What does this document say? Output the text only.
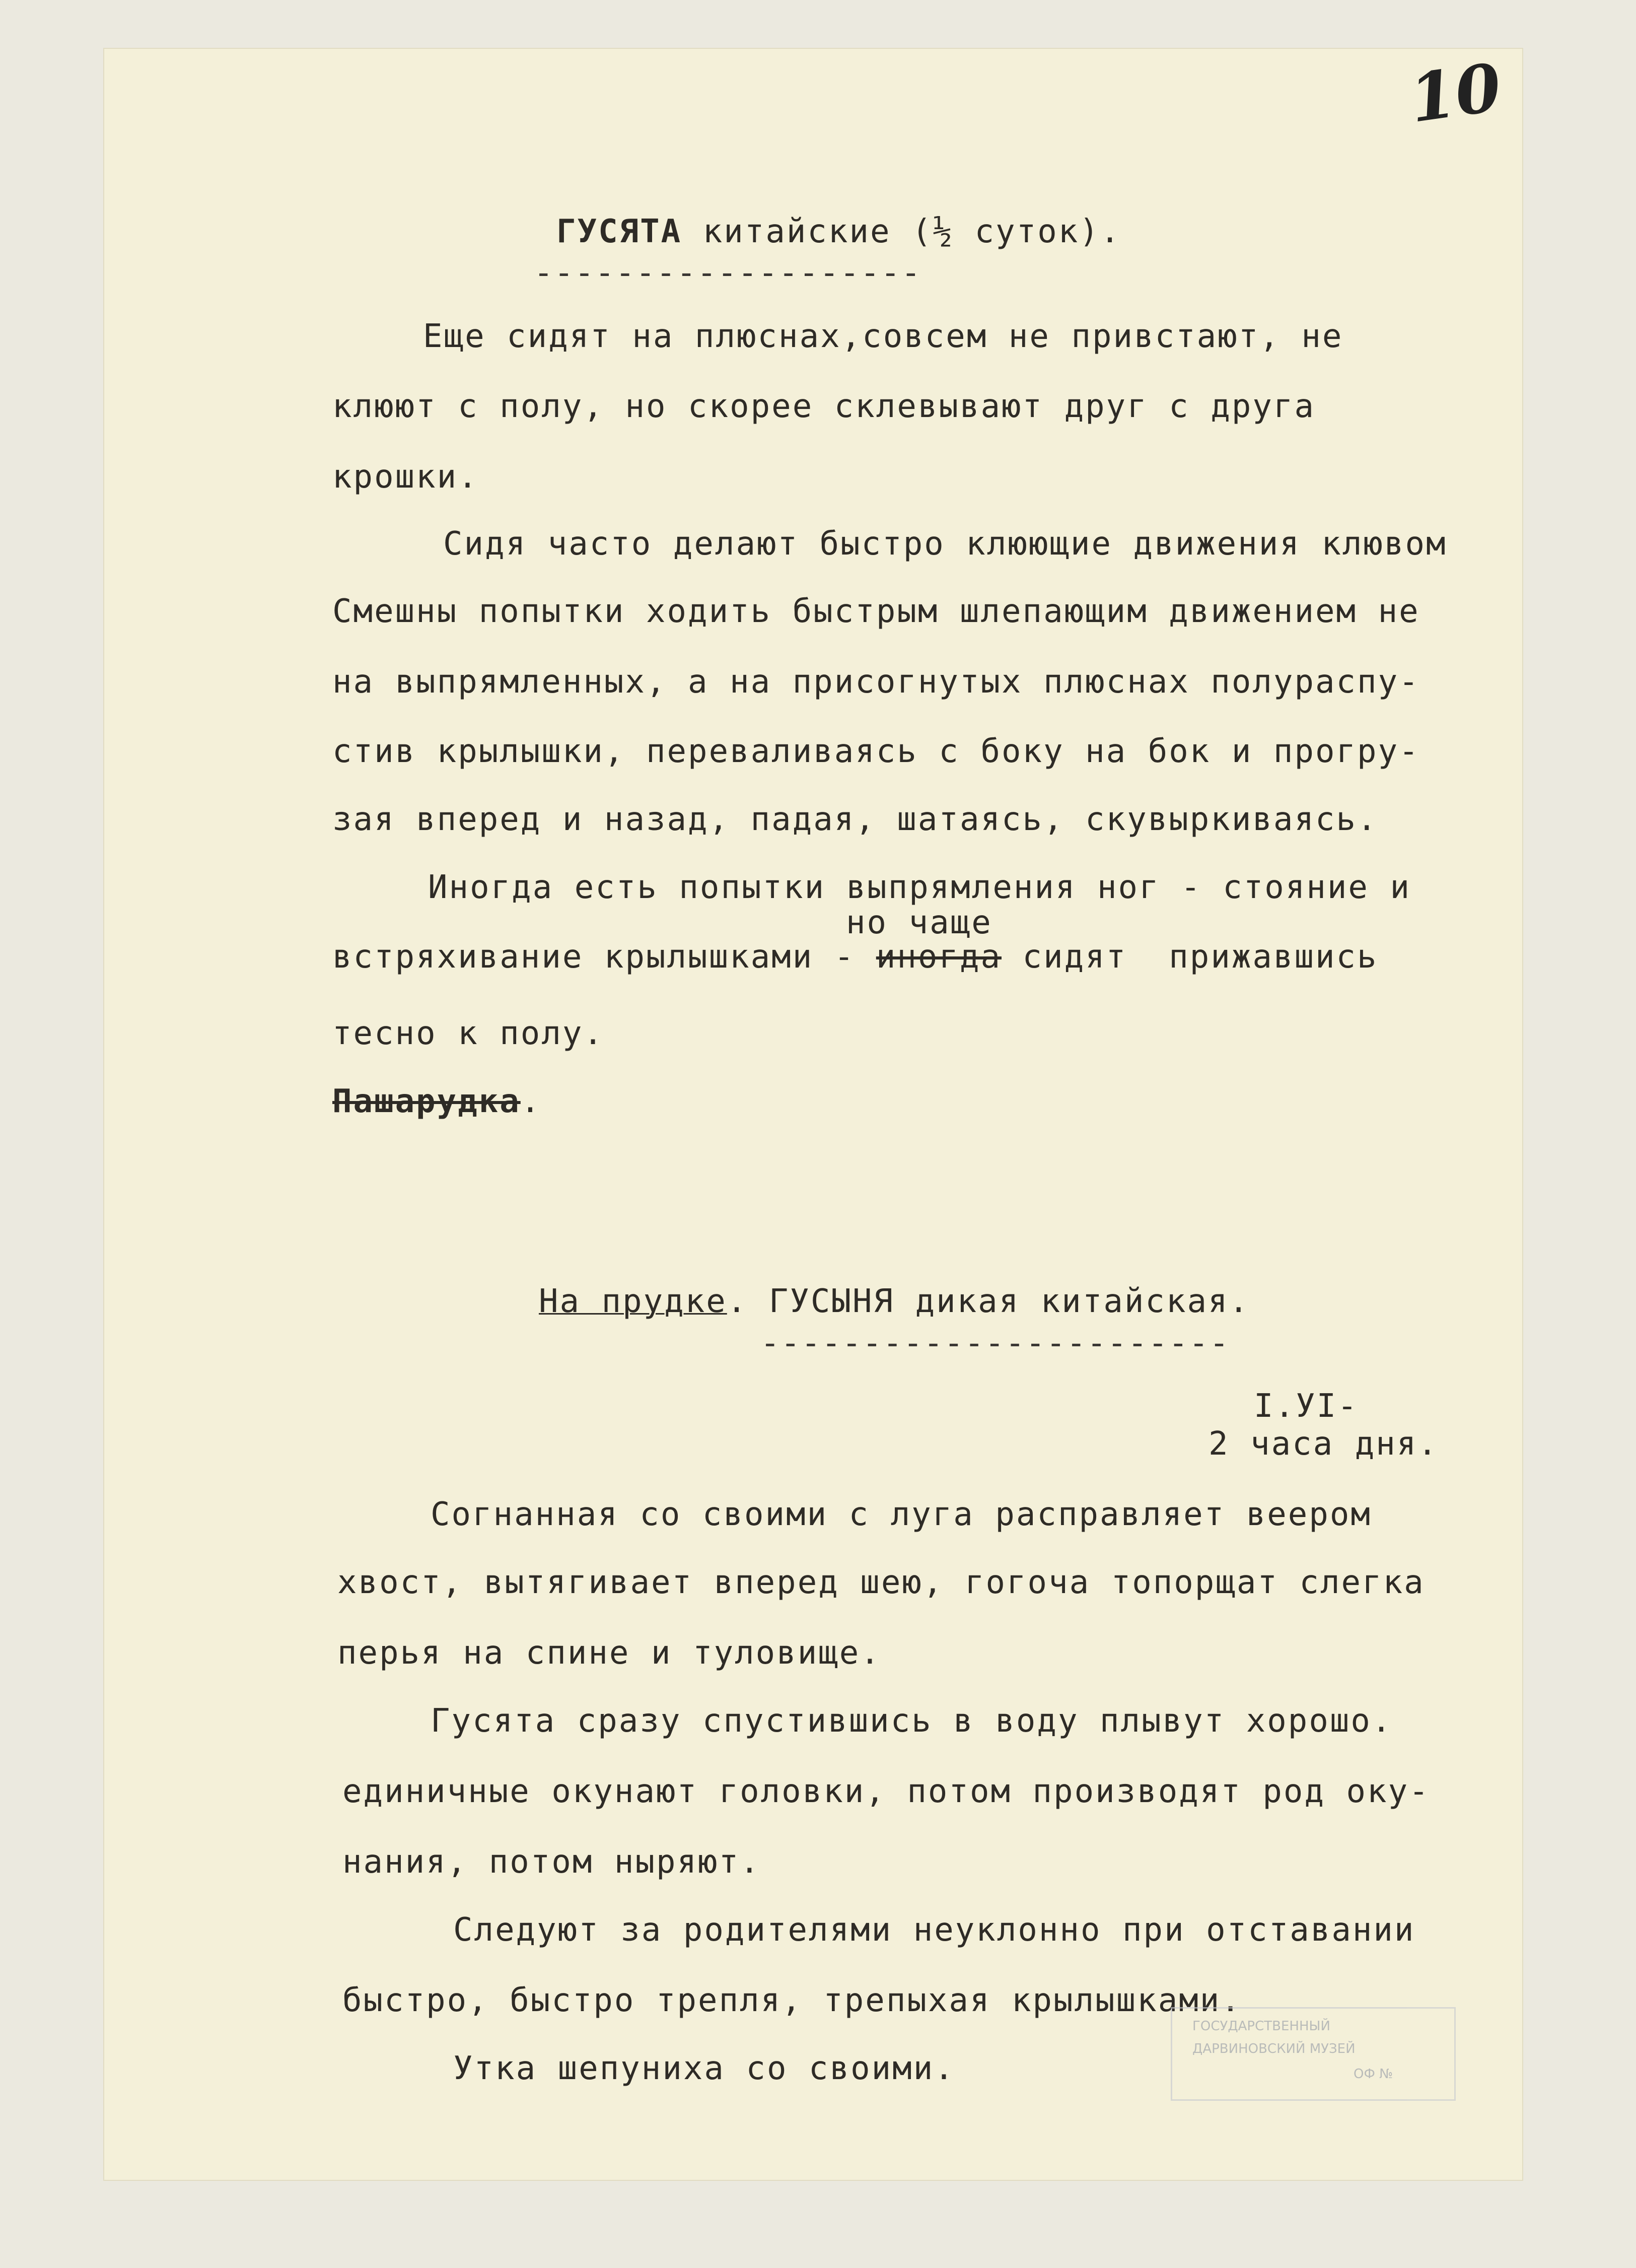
10
ГУСЯТА китайские (½ суток).
-------------------
Еще сидят на плюснах,совсем не привстают, не
клюют с полу, но скорее склевывают друг с друга
крошки.
Сидя часто делают быстро клюющие движения клювом
Смешны попытки ходить быстрым шлепающим движением не
на выпрямленных, а на присогнутых плюснах полураспу-
стив крылышки, переваливаясь с боку на бок и прогру-
зая вперед и назад, падая, шатаясь, скувыркиваясь.
Иногда есть попытки выпрямления ног - стояние и
но чаще
встряхивание крылышками - иногда сидят  прижавшись
тесно к полу.
Пашарудка.
На прудке. ГУСЫНЯ дикая китайская.
-----------------------
I.УI-
2 часа дня.
Согнанная со своими с луга расправляет веером
хвост, вытягивает вперед шею, гогоча топорщат слегка
перья на спине и туловище.
Гусята сразу спустившись в воду плывут хорошо.
единичные окунают головки, потом производят род оку-
нания, потом ныряют.
Следуют за родителями неуклонно при отставании
быстро, быстро трепля, трепыхая крылышками.
Утка шепуниха со своими.
ГОСУДАРСТВЕННЫЙ
ДАРВИНОВСКИЙ МУЗЕЙ
ОФ №
